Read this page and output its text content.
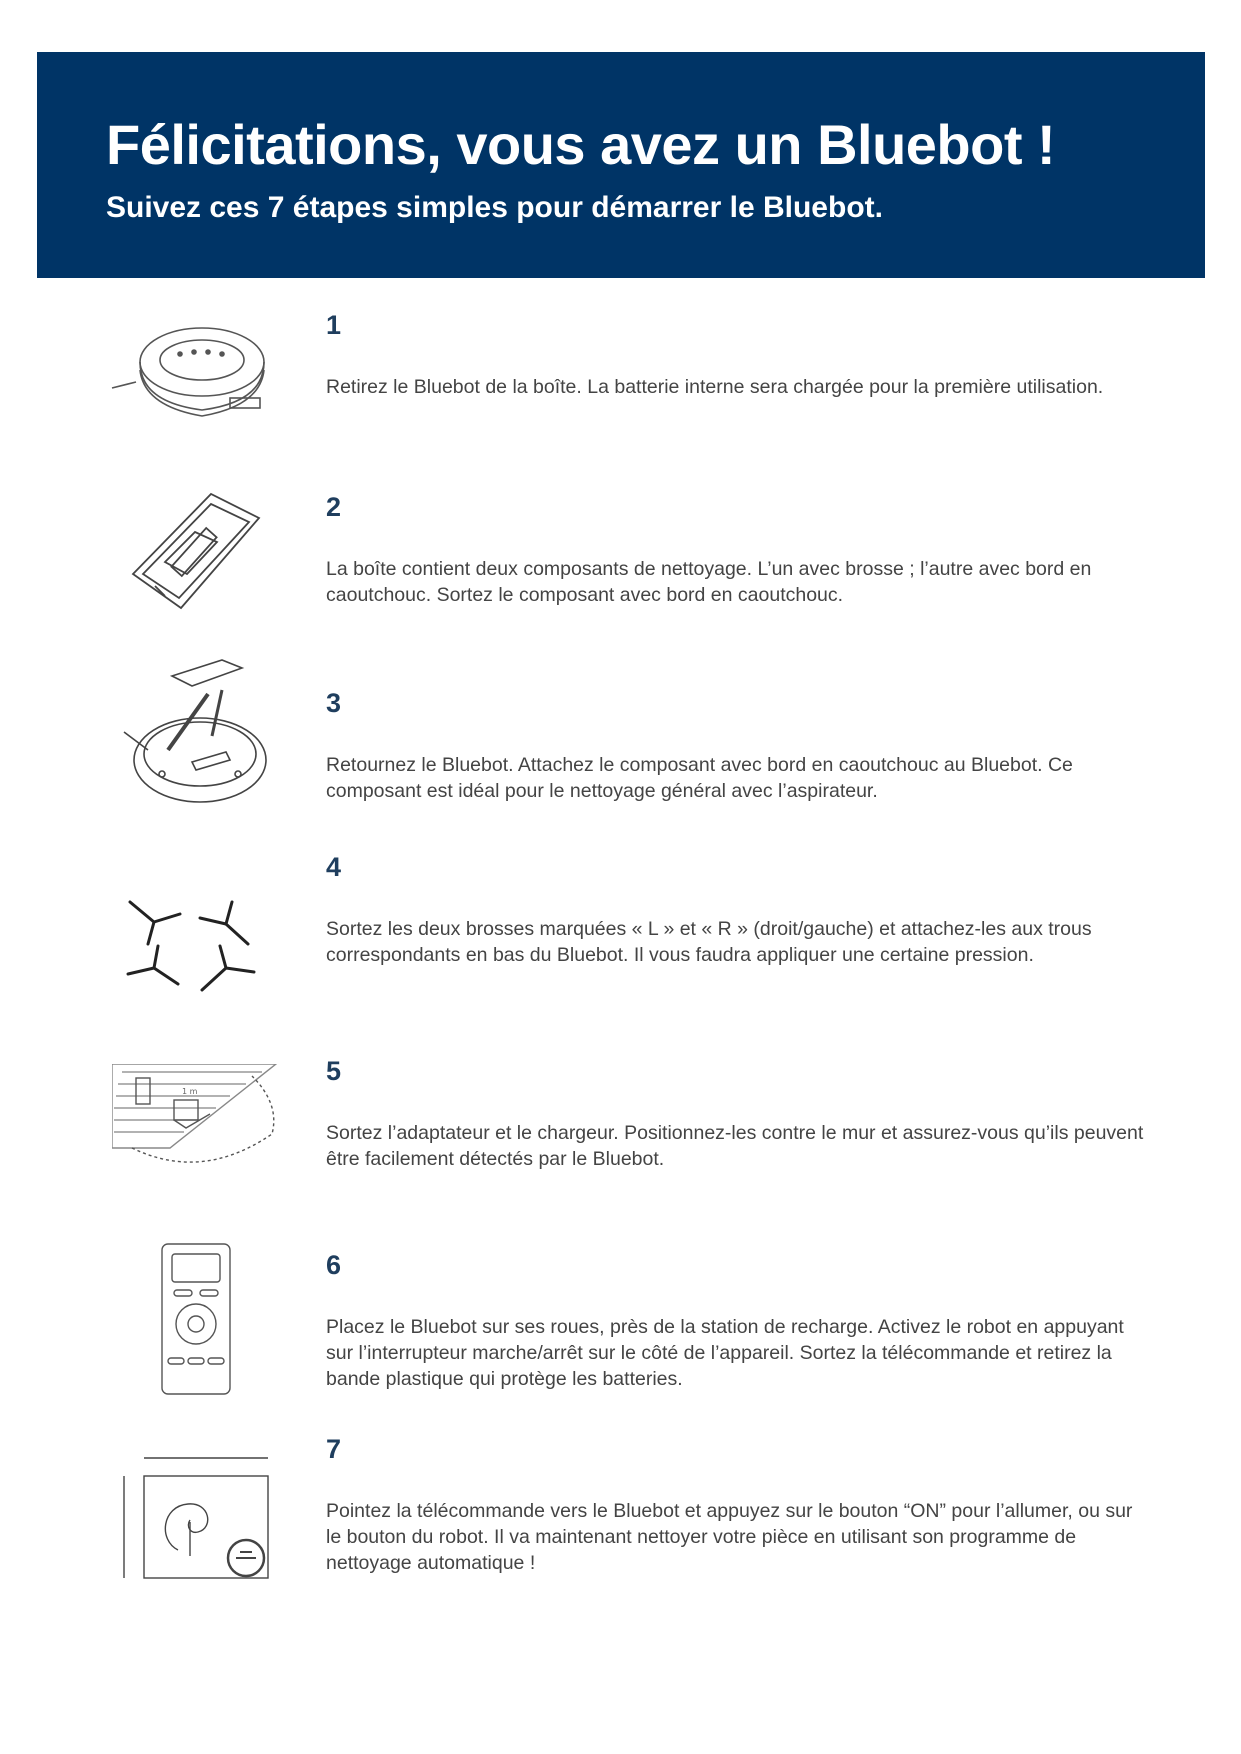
Félicitations, vous avez un Bluebot !
Suivez ces 7 étapes simples pour démarrer le Bluebot.

1

Retirez le Bluebot de la boîte. La batterie interne sera chargée pour la première utilisation.

2

La boîte contient deux composants de nettoyage. L’un avec brosse ; l’autre avec bord en caoutchouc. Sortez le composant avec bord en caoutchouc.

3

Retournez le Bluebot. Attachez le composant avec bord en caoutchouc au Bluebot. Ce composant est idéal pour le nettoyage général avec l’aspirateur.

4

Sortez les deux brosses marquées « L » et « R » (droit/gauche) et attachez-les aux trous correspondants en bas du Bluebot. Il vous faudra appliquer une certaine pression.

1 m

5

Sortez l’adaptateur et le chargeur. Positionnez-les contre le mur et assurez-vous qu’ils peuvent être facilement détectés par le Bluebot.

6

Placez le Bluebot sur ses roues, près de la station de recharge. Activez le robot en appuyant sur l’interrupteur marche/arrêt sur le côté de l’appareil. Sortez la télécommande et retirez la bande plastique qui protège les batteries.

7

Pointez la télécommande vers le Bluebot et appuyez sur le bouton “ON” pour l’allumer, ou sur le bouton du robot. Il va maintenant nettoyer votre pièce en utilisant son programme de nettoyage automatique !
